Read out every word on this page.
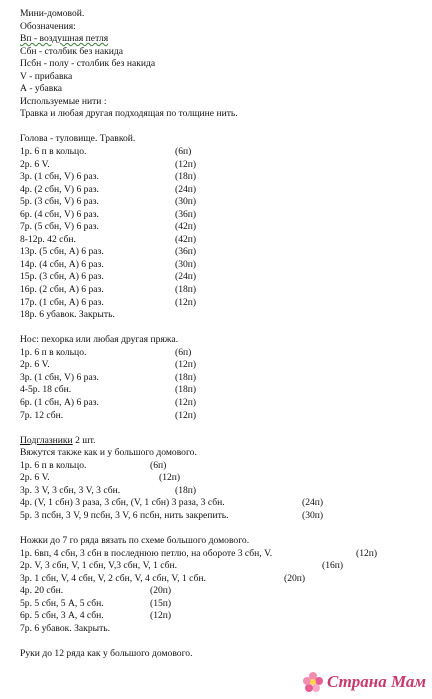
Мини-домовой.
Обозначения:
Вп - воздушная петля
Сбн - столбик без накида
Псбн - полу - столбик без накида
V - прибавка
А - убавка
Используемые нити :
Травка и любая другая подходящая по толщине нить.
Голова - туловище. Травкой.
1р. 6 п в кольцо.	(6п)
2р. 6 V.	(12п)
3р. (1 сбн, V) 6 раз.	(18п)
4р. (2 сбн, V) 6 раз.	(24п)
5р. (3 сбн, V) 6 раз.	(30п)
6р. (4 сбн, V) 6 раз.	(36п)
7р. (5 сбн, V) 6 раз.	(42п)
8-12р. 42 сбн.	(42п)
13р. (5 сбн, А) 6 раз.	(36п)
14р. (4 сбн, А) 6 раз.	(30п)
15р. (3 сбн, А) 6 раз.	(24п)
16р. (2 сбн, А) 6 раз.	(18п)
17р. (1 сбн, А) 6 раз.	(12п)
18р. 6 убавок. Закрыть.
Нос: пехорка или любая другая пряжа.
1р. 6 п в кольцо.	(6п)
2р. 6 V.	(12п)
3р. (1 сбн, V) 6 раз.	(18п)
4-5р. 18 сбн.	(18п)
6р. (1 сбн, А) 6 раз.	(12п)
7р. 12 сбн.	(12п)
Подглазники 2 шт.
Вяжутся также как и у большого домового.
1р. 6 п в кольцо.	(6п)
2р. 6 V.	(12п)
3р. 3 V, 3 сбн, 3 V, 3 сбн.	(18п)
4р. (V, 1 сбн) 3 раза, 3 сбн, (V, 1 сбн) 3 раза, 3 сбн.	(24п)
5р. 3 псбн, 3 V, 9 псбн, 3 V, 6 псбн, нить закрепить.	(30п)
Ножки до 7 го ряда вязать по схеме большого домового.
1р. 6вп, 4 сбн, 3 сбн в последнюю петлю, на обороте 3 сбн, V.	(12п)
2р. V, 3 сбн, V, 1 сбн, V,3 сбн, V, 1 сбн.	(16п)
3р. 1 сбн, V, 4 сбн, V, 2 сбн, V, 4 сбн, V, 1 сбн.	(20п)
4р. 20 сбн.	(20п)
5р. 5 сбн, 5 А, 5 сбн.	(15п)
6р. 5 сбн, 3 А, 4 сбн.	(12п)
7р. 6 убавок. Закрыть.
Руки до 12 ряда как у большого домового.
Страна Мам
